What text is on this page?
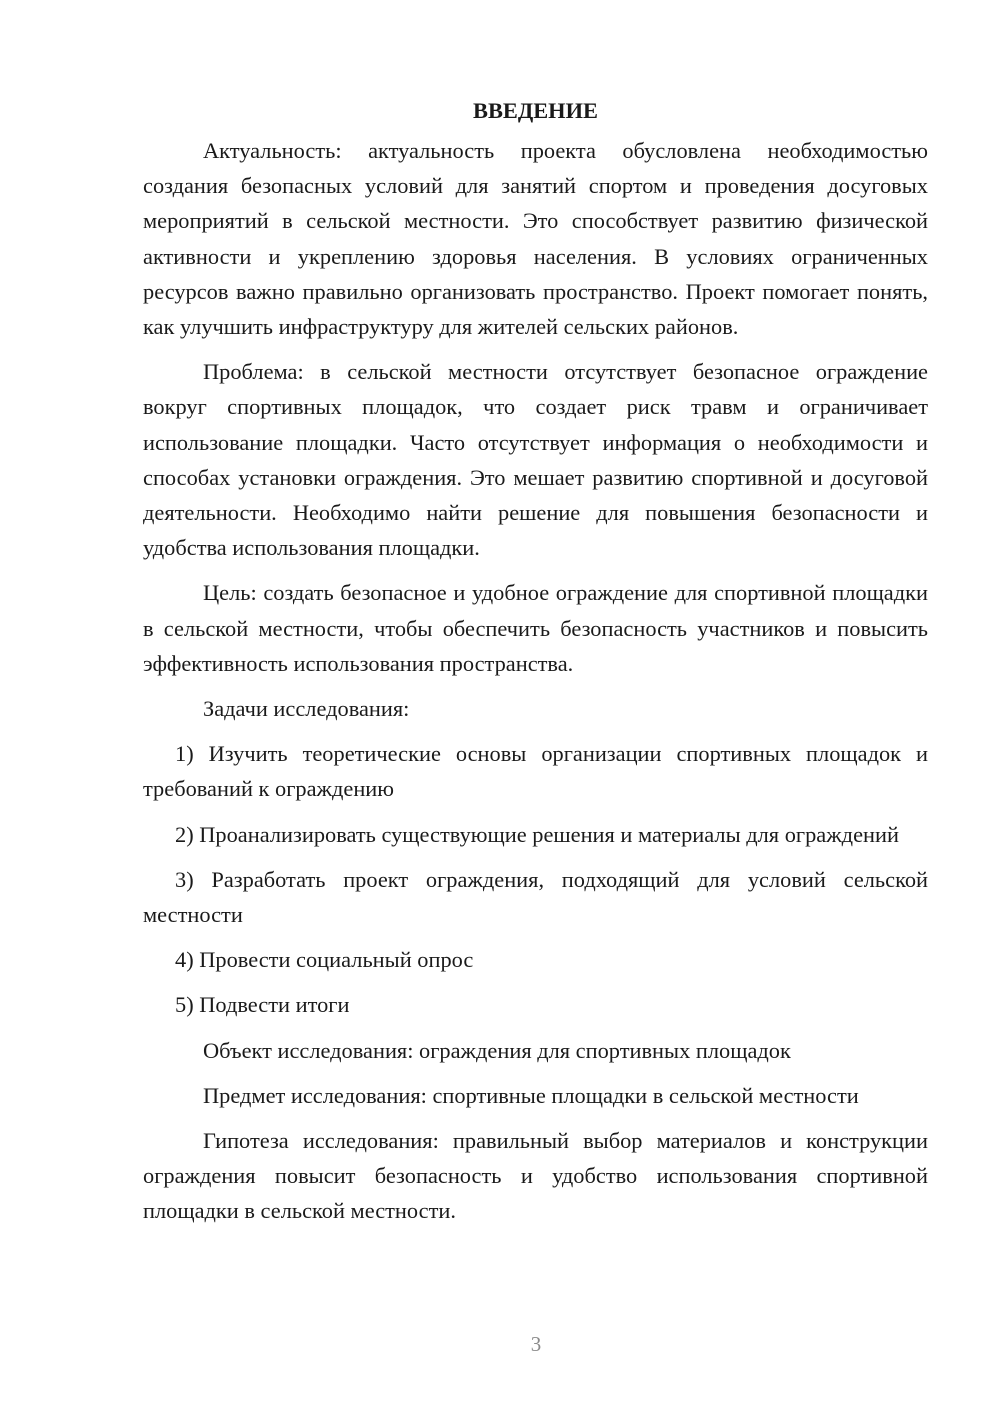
ВВЕДЕНИЕ

Актуальность: актуальность проекта обусловлена необходимостью создания безопасных условий для занятий спортом и проведения досуговых мероприятий в сельской местности. Это способствует развитию физической активности и укреплению здоровья населения. В условиях ограниченных ресурсов важно правильно организовать пространство. Проект помогает понять, как улучшить инфраструктуру для жителей сельских районов.

Проблема: в сельской местности отсутствует безопасное ограждение вокруг спортивных площадок, что создает риск травм и ограничивает использование площадки. Часто отсутствует информация о необходимости и способах установки ограждения. Это мешает развитию спортивной и досуговой деятельности. Необходимо найти решение для повышения безопасности и удобства использования площадки.

Цель: создать безопасное и удобное ограждение для спортивной площадки в сельской местности, чтобы обеспечить безопасность участников и повысить эффективность использования пространства.

Задачи исследования:

1) Изучить теоретические основы организации спортивных площадок и требований к ограждению

2) Проанализировать существующие решения и материалы для ограждений

3) Разработать проект ограждения, подходящий для условий сельской местности

4) Провести социальный опрос

5) Подвести итоги

Объект исследования: ограждения для спортивных площадок

Предмет исследования: спортивные площадки в сельской местности

Гипотеза исследования: правильный выбор материалов и конструкции ограждения повысит безопасность и удобство использования спортивной площадки в сельской местности.

3
